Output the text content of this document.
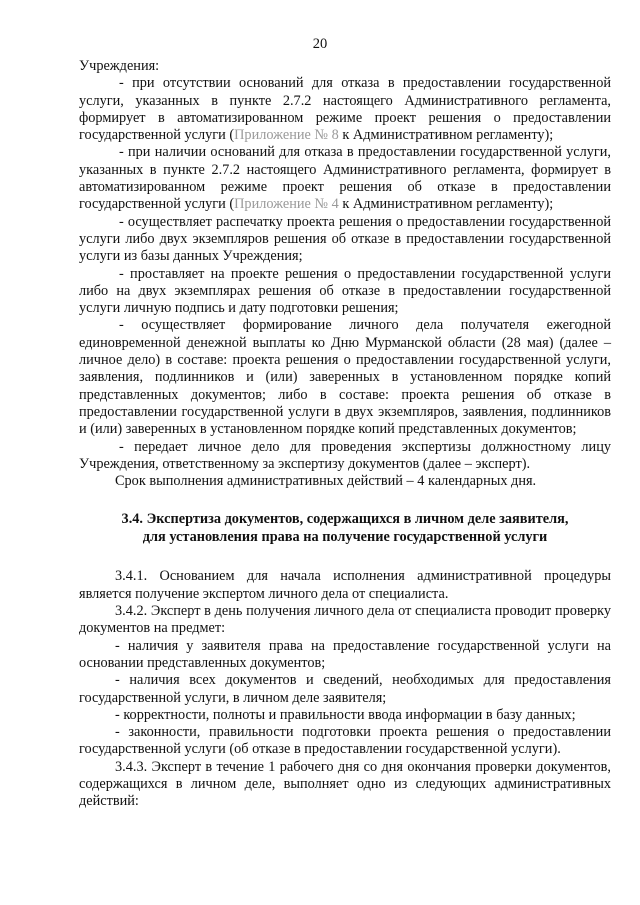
20

Учреждения:

- при отсутствии оснований для отказа в предоставлении государственной услуги, указанных в пункте 2.7.2 настоящего Административного регламента, формирует в автоматизированном режиме проект решения о предоставлении государственной услуги (Приложение № 8 к Административном регламенту);

- при наличии оснований для отказа в предоставлении государственной услуги, указанных в пункте 2.7.2 настоящего Административного регламента, формирует в автоматизированном режиме проект решения об отказе в предоставлении государственной услуги (Приложение № 4 к Административном регламенту);

- осуществляет распечатку проекта решения о предоставлении государственной услуги либо двух экземпляров решения об отказе в предоставлении государственной услуги из базы данных Учреждения;

- проставляет на проекте решения о предоставлении государственной услуги либо на двух экземплярах решения об отказе в предоставлении государственной услуги личную подпись и дату подготовки решения;

- осуществляет формирование личного дела получателя ежегодной единовременной денежной выплаты ко Дню Мурманской области (28 мая) (далее – личное дело) в составе: проекта решения о предоставлении государственной услуги, заявления, подлинников и (или) заверенных в установленном порядке копий представленных документов; либо в составе: проекта решения об отказе в предоставлении государственной услуги в двух экземпляров, заявления, подлинников и (или) заверенных в установленном порядке копий представленных документов;

- передает личное дело для проведения экспертизы должностному лицу Учреждения, ответственному за экспертизу документов (далее – эксперт).

Срок выполнения административных действий – 4 календарных дня.

3.4. Экспертиза документов, содержащихся в личном деле заявителя,
для установления права на получение государственной услуги

3.4.1. Основанием для начала исполнения административной процедуры является получение экспертом личного дела от специалиста.

3.4.2. Эксперт в день получения личного дела от специалиста проводит проверку документов на предмет:

- наличия у заявителя права на предоставление государственной услуги на основании представленных документов;

- наличия всех документов и сведений, необходимых для предоставления государственной услуги, в личном деле заявителя;

- корректности, полноты и правильности ввода информации в базу данных;

- законности, правильности подготовки проекта решения о предоставлении государственной услуги (об отказе в предоставлении государственной услуги).

3.4.3. Эксперт в течение 1 рабочего дня со дня окончания проверки документов, содержащихся в личном деле, выполняет одно из следующих административных действий:
